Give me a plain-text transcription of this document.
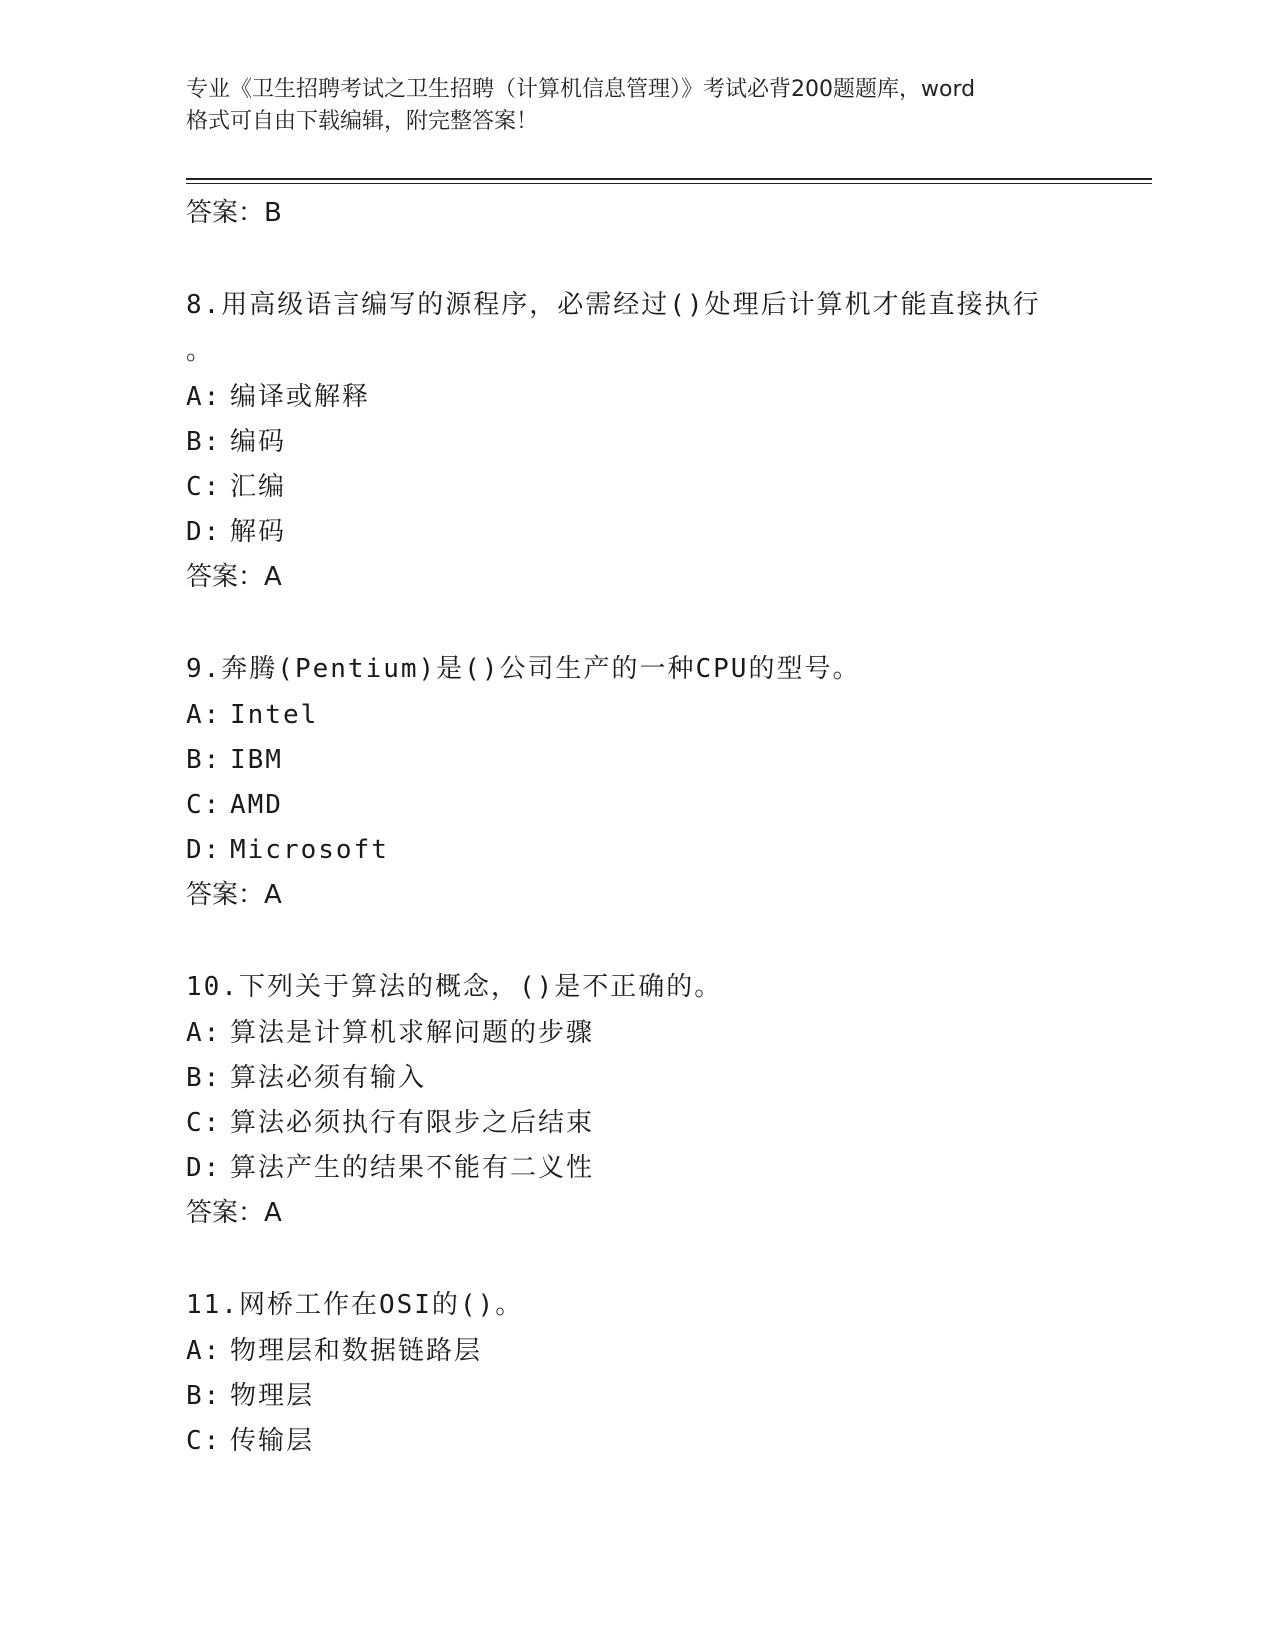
专业《卫生招聘考试之卫生招聘（计算机信息管理）》考试必背200题题库，word
格式可自由下载编辑，附完整答案！
答案：B
8.用高级语言编写的源程序，必需经过()处理后计算机才能直接执行
。
A: 编译或解释
B: 编码
C: 汇编
D: 解码
答案：A
9.奔腾(Pentium)是()公司生产的一种CPU的型号。
A: Intel
B: IBM
C: AMD
D: Microsoft
答案：A
10.下列关于算法的概念，()是不正确的。
A: 算法是计算机求解问题的步骤
B: 算法必须有输入
C: 算法必须执行有限步之后结束
D: 算法产生的结果不能有二义性
答案：A
11.网桥工作在OSI的()。
A: 物理层和数据链路层
B: 物理层
C: 传输层
